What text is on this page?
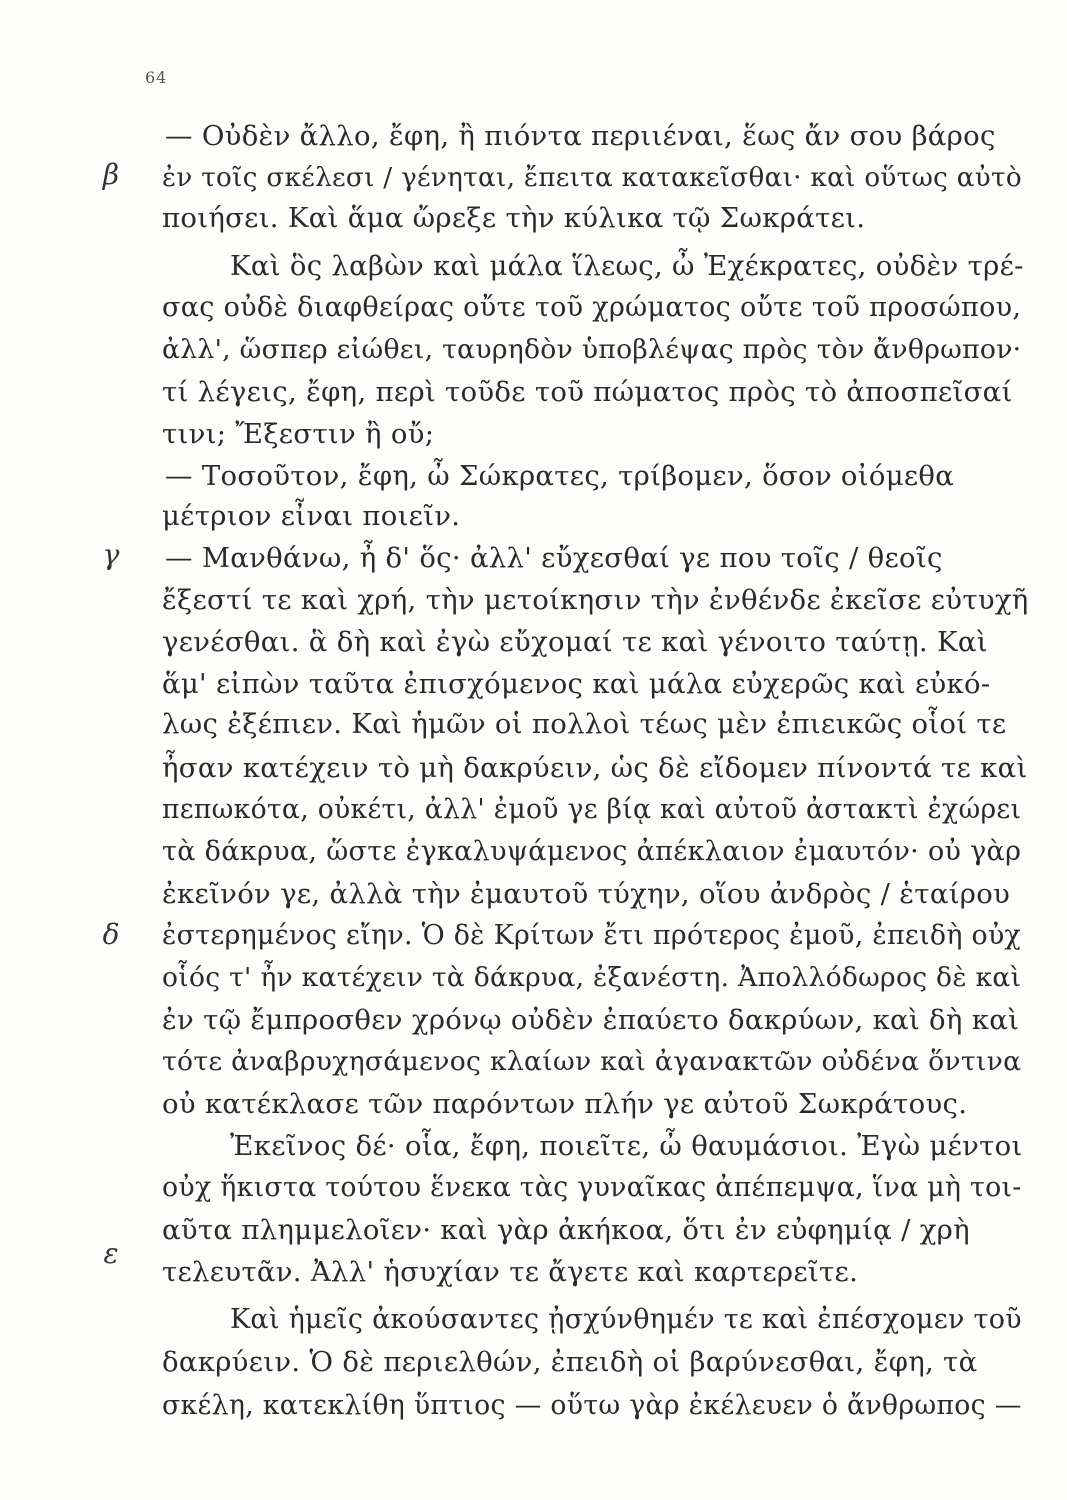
64
β
γ
δ
ε
— Οὐδὲν ἄλλο, ἔφη, ἢ πιόντα περιιέναι, ἕως ἄν σου βάρος
ἐν τοῖς σκέλεσι / γένηται, ἔπειτα κατακεῖσθαι· καὶ οὕτως αὐτὸ
ποιήσει. Καὶ ἅμα ὤρεξε τὴν κύλικα τῷ Σωκράτει.
Καὶ ὃς λαβὼν καὶ μάλα ἵλεως, ὦ Ἐχέκρατες, οὐδὲν τρέ-
σας οὐδὲ διαφθείρας οὔτε τοῦ χρώματος οὔτε τοῦ προσώπου,
ἀλλ', ὥσπερ εἰώθει, ταυρηδὸν ὑποβλέψας πρὸς τὸν ἄνθρωπον·
τί λέγεις, ἔφη, περὶ τοῦδε τοῦ πώματος πρὸς τὸ ἀποσπεῖσαί
τινι; Ἔξεστιν ἢ οὔ;
— Τοσοῦτον, ἔφη, ὦ Σώκρατες, τρίβομεν, ὅσον οἰόμεθα
μέτριον εἶναι ποιεῖν.
— Μανθάνω, ἦ δ' ὅς· ἀλλ' εὔχεσθαί γε που τοῖς / θεοῖς
ἔξεστί τε καὶ χρή, τὴν μετοίκησιν τὴν ἐνθένδε ἐκεῖσε εὐτυχῆ
γενέσθαι. ἃ δὴ καὶ ἐγὼ εὔχομαί τε καὶ γένοιτο ταύτῃ. Καὶ
ἅμ' εἰπὼν ταῦτα ἐπισχόμενος καὶ μάλα εὐχερῶς καὶ εὐκό-
λως ἐξέπιεν. Καὶ ἡμῶν οἱ πολλοὶ τέως μὲν ἐπιεικῶς οἷοί τε
ἦσαν κατέχειν τὸ μὴ δακρύειν, ὡς δὲ εἴδομεν πίνοντά τε καὶ
πεπωκότα, οὐκέτι, ἀλλ' ἐμοῦ γε βίᾳ καὶ αὐτοῦ ἀστακτὶ ἐχώρει
τὰ δάκρυα, ὥστε ἐγκαλυψάμενος ἀπέκλαιον ἐμαυτόν· οὐ γὰρ
ἐκεῖνόν γε, ἀλλὰ τὴν ἐμαυτοῦ τύχην, οἵου ἀνδρὸς / ἑταίρου
ἐστερημένος εἴην. Ὁ δὲ Κρίτων ἔτι πρότερος ἐμοῦ, ἐπειδὴ οὐχ
οἷός τ' ἦν κατέχειν τὰ δάκρυα, ἐξανέστη. Ἀπολλόδωρος δὲ καὶ
ἐν τῷ ἔμπροσθεν χρόνῳ οὐδὲν ἐπαύετο δακρύων, καὶ δὴ καὶ
τότε ἀναβρυχησάμενος κλαίων καὶ ἀγανακτῶν οὐδένα ὅντινα
οὐ κατέκλασε τῶν παρόντων πλήν γε αὐτοῦ Σωκράτους.
Ἐκεῖνος δέ· οἷα, ἔφη, ποιεῖτε, ὦ θαυμάσιοι. Ἐγὼ μέντοι
οὐχ ἥκιστα τούτου ἕνεκα τὰς γυναῖκας ἀπέπεμψα, ἵνα μὴ τοι-
αῦτα πλημμελοῖεν· καὶ γὰρ ἀκήκοα, ὅτι ἐν εὐφημίᾳ / χρὴ
τελευτᾶν. Ἀλλ' ἡσυχίαν τε ἄγετε καὶ καρτερεῖτε.
Καὶ ἡμεῖς ἀκούσαντες ᾐσχύνθημέν τε καὶ ἐπέσχομεν τοῦ
δακρύειν. Ὁ δὲ περιελθών, ἐπειδὴ οἱ βαρύνεσθαι, ἔφη, τὰ
σκέλη, κατεκλίθη ὕπτιος — οὕτω γὰρ ἐκέλευεν ὁ ἄνθρωπος —
